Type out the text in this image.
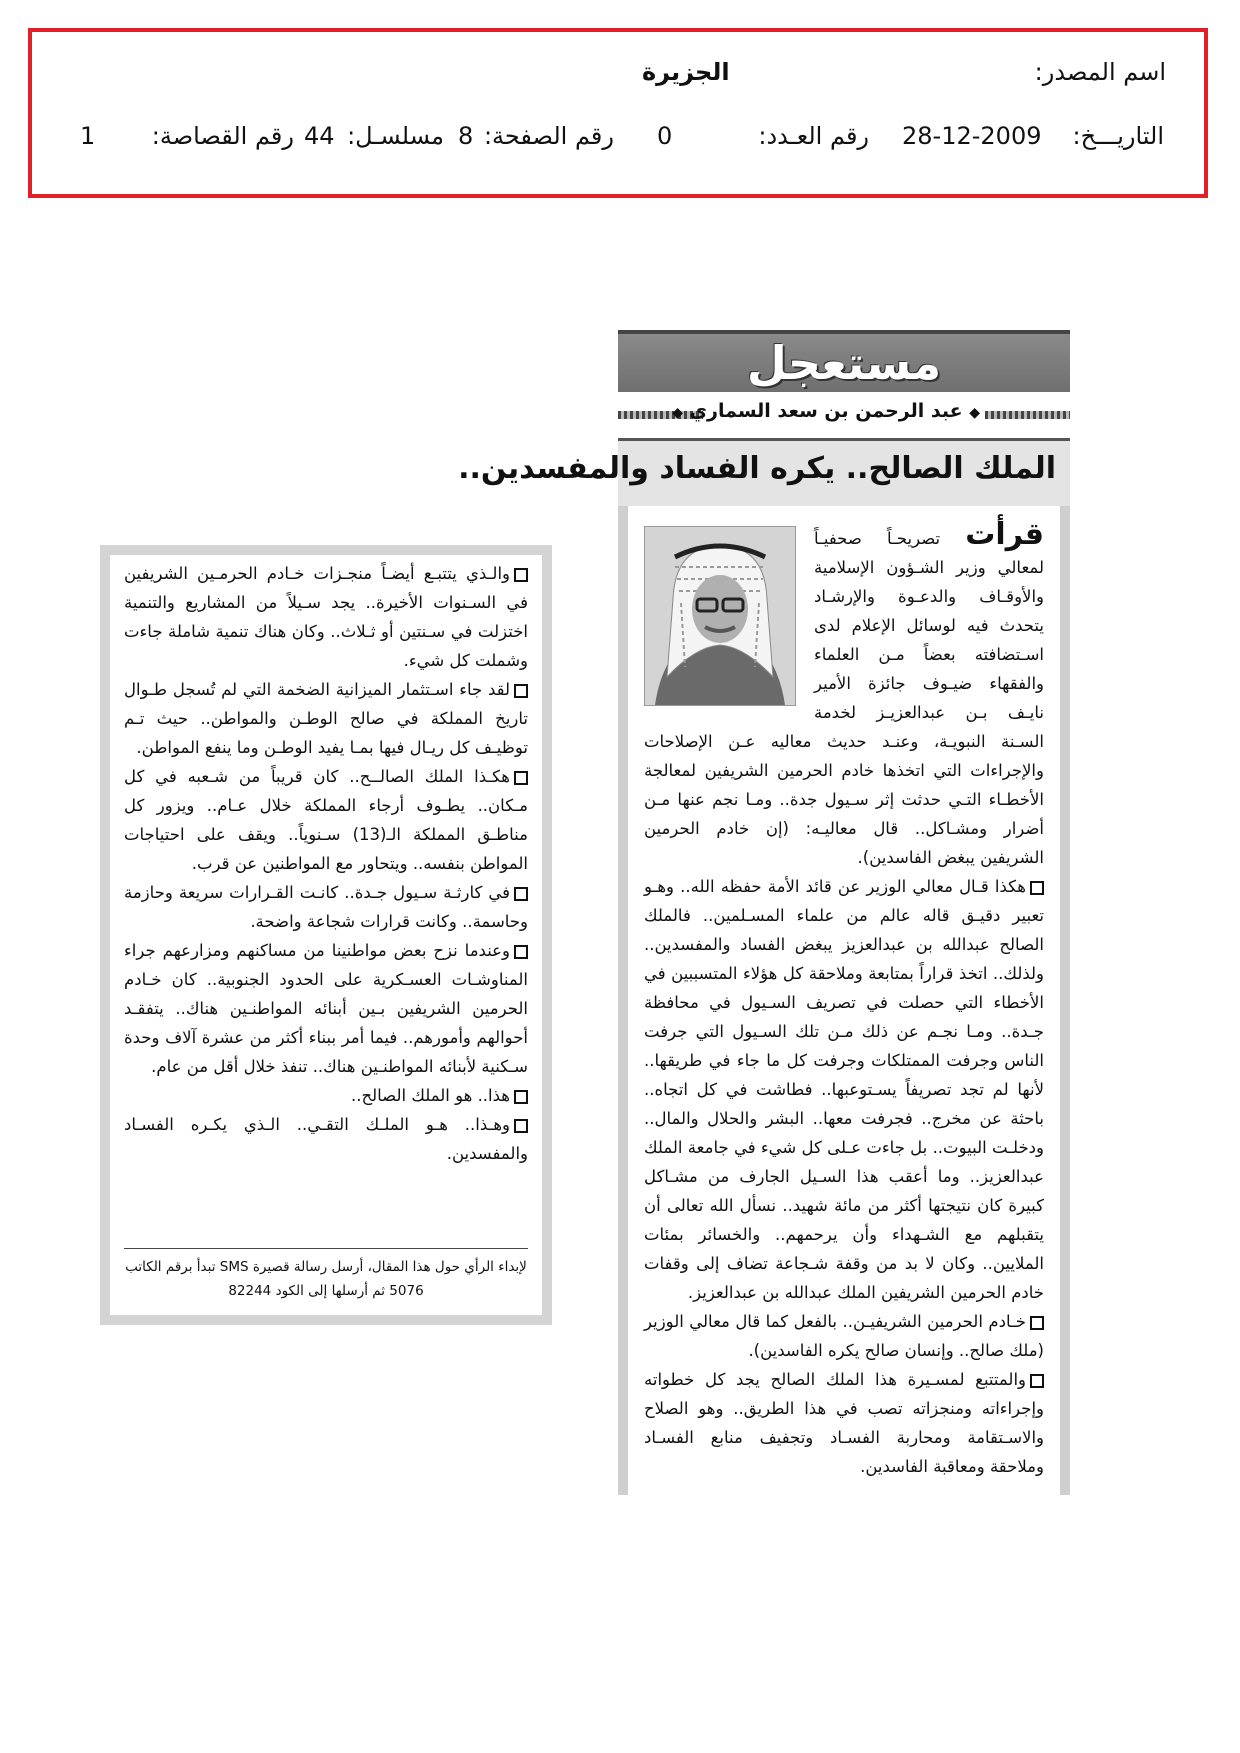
اسم المصدر:
الجزيرة
التاريـــخ:
28-12-2009
رقم العـدد:
0
رقم الصفحة:
8
مسلسـل:
44
رقم القصاصة:
1
مستعجل
◆ عبد الرحمن بن سعد السماري ◆
الملك الصالح.. يكره الفساد والمفسدين..

قرأت تصريحـاً صحفيـاً لمعالي وزير الشـؤون الإسلامية والأوقـاف والدعـوة والإرشـاد يتحدث فيه لوسائل الإعلام لدى اسـتضافته بعضاً مـن العلماء والفقهاء ضيـوف جائزة الأمير نايـف بـن عبدالعزيـز لخدمة السـنة النبويـة، وعنـد حديث معاليه عـن الإصلاحات والإجراءات التي اتخذها خادم الحرمين الشريفين لمعالجة الأخطـاء التـي حدثت إثر سـيول جدة.. ومـا نجم عنها مـن أضرار ومشـاكل.. قال معاليـه: (إن خادم الحرمين الشريفين يبغض الفاسدين).

هكذا قـال معالي الوزير عن قائد الأمة حفظه الله.. وهـو تعبير دقيـق قاله عالم من علماء المسـلمين.. فالملك الصالح عبدالله بن عبدالعزيز يبغض الفساد والمفسدين.. ولذلك.. اتخذ قراراً بمتابعة وملاحقة كل هؤلاء المتسببين في الأخطاء التي حصلت في تصريف السـيول في محافظة جـدة.. ومـا نجـم عن ذلك مـن تلك السـيول التي جرفت الناس وجرفت الممتلكات وجرفت كل ما جاء في طريقها.. لأنها لم تجد تصريفاً يسـتوعبها.. فطاشت في كل اتجاه.. باحثة عن مخرج.. فجرفت معها.. البشر والحلال والمال.. ودخلـت البيوت.. بل جاءت عـلى كل شيء في جامعة الملك عبدالعزيز.. وما أعقب هذا السـيل الجارف من مشـاكل كبيرة كان نتيجتها أكثر من مائة شهيد.. نسأل الله تعالى أن يتقبلهم مع الشـهداء وأن يرحمهم.. والخسائر بمئات الملايين.. وكان لا بد من وقفة شـجاعة تضاف إلى وقفات خادم الحرمين الشريفين الملك عبدالله بن عبدالعزيز.

خـادم الحرمين الشريفيـن.. بالفعل كما قال معالي الوزير (ملك صالح.. وإنسان صالح يكره الفاسدين).

والمتتبع لمسـيرة هذا الملك الصالح يجد كل خطواته وإجراءاته ومنجزاته تصب في هذا الطريق.. وهو الصلاح والاسـتقامة ومحاربة الفسـاد وتجفيف منابع الفسـاد وملاحقة ومعاقبة الفاسدين.

والـذي يتتبـع أيضـاً منجـزات خـادم الحرمـين الشريفين في السـنوات الأخيرة.. يجد سـيلاً من المشاريع والتنمية اختزلت في سـنتين أو ثـلاث.. وكان هناك تنمية شاملة جاءت وشملت كل شيء.

لقد جاء اسـتثمار الميزانية الضخمة التي لم تُسجل طـوال تاريخ المملكة في صالح الوطـن والمواطن.. حيث تـم توظيـف كل ريـال فيها بمـا يفيد الوطـن وما ينفع المواطن.

هكـذا الملك الصالــح.. كان قريباً من شـعبه في كل مـكان.. يطـوف أرجاء المملكة خلال عـام.. ويزور كل مناطـق المملكة الـ(13) سـنوياً.. ويقف على احتياجات المواطن بنفسه.. ويتحاور مع المواطنين عن قرب.

في كارثـة سـيول جـدة.. كانـت القـرارات سريعة وحازمة وحاسمة.. وكانت قرارات شجاعة واضحة.

وعندما نزح بعض مواطنينا من مساكنهم ومزارعهم جراء المناوشـات العسـكرية على الحدود الجنوبية.. كان خـادم الحرمين الشريفين بـين أبنائه المواطنـين هناك.. يتفقـد أحوالهم وأمورهم.. فيما أمر ببناء أكثر من عشرة آلاف وحدة سـكنية لأبنائه المواطنـين هناك.. تنفذ خلال أقل من عام.

هذا.. هو الملك الصالح..

وهـذا.. هـو الملـك التقـي.. الـذي يكـره الفسـاد والمفسدين.

لإبداء الرأي حول هذا المقال، أرسل رسالة قصيرة SMS تبدأ برقم الكاتب 5076 ثم أرسلها إلى الكود 82244
